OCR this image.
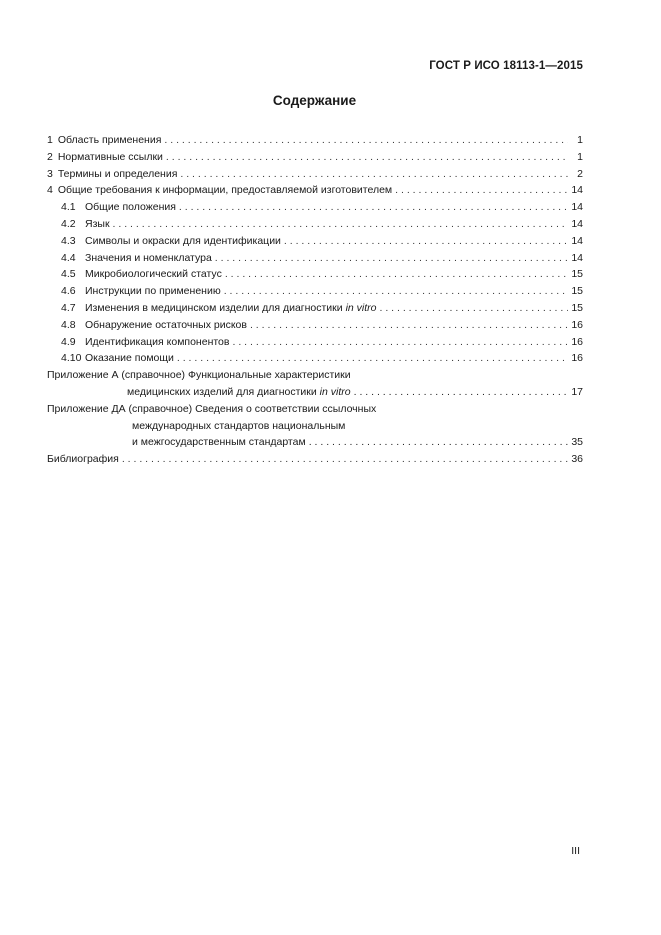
ГОСТ Р ИСО 18113-1—2015
Содержание
1 Область применения . . .	1
2 Нормативные ссылки . . .	1
3 Термины и определения . . .	2
4 Общие требования к информации, предоставляемой изготовителем . . .	14
4.1 Общие положения . . .	14
4.2 Язык . . .	14
4.3 Символы и окраски для идентификации . . .	14
4.4 Значения и номенклатура . . .	14
4.5 Микробиологический статус . . .	15
4.6 Инструкции по применению . . .	15
4.7 Изменения в медицинском изделии для диагностики in vitro . . .	15
4.8 Обнаружение остаточных рисков . . .	16
4.9 Идентификация компонентов . . .	16
4.10 Оказание помощи . . .	16
Приложение А (справочное) Функциональные характеристики
медицинских изделий для диагностики in vitro . . .	17
Приложение ДА (справочное) Сведения о соответствии ссылочных
международных стандартов национальным
и межгосударственным стандартам . . .	35
Библиография . . .	36
III
